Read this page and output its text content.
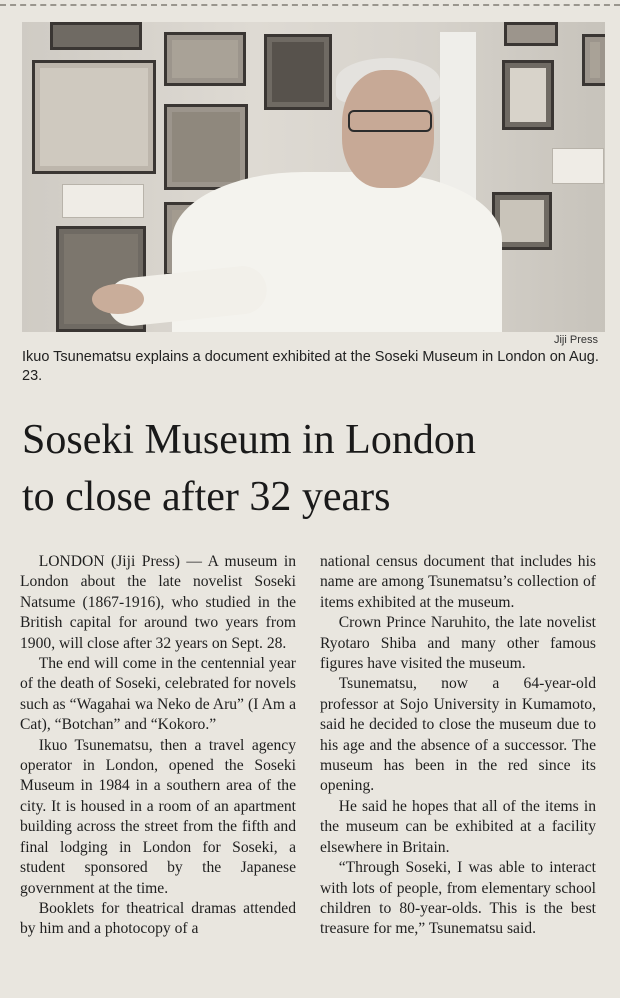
Jiji Press
Ikuo Tsunematsu explains a document exhibited at the Soseki Museum in London on Aug. 23.
Soseki Museum in London
to close after 32 years

LONDON (Jiji Press) — A museum in London about the late novelist Soseki Natsume (1867-1916), who studied in the British capital for around two years from 1900, will close after 32 years on Sept. 28.

The end will come in the centennial year of the death of Soseki, celebrated for novels such as “Wagahai wa Neko de Aru” (I Am a Cat), “Botchan” and “Kokoro.”

Ikuo Tsunematsu, then a travel agency operator in London, opened the Soseki Museum in 1984 in a southern area of the city. It is housed in a room of an apartment building across the street from the fifth and final lodging in London for Soseki, a student sponsored by the Japanese government at the time.

Booklets for theatrical dramas attended by him and a photocopy of a

national census document that includes his name are among Tsunematsu’s collection of items exhibited at the museum.

Crown Prince Naruhito, the late novelist Ryotaro Shiba and many other famous figures have visited the museum.

Tsunematsu, now a 64-year-old professor at Sojo University in Kumamoto, said he decided to close the museum due to his age and the absence of a successor. The museum has been in the red since its opening.

He said he hopes that all of the items in the museum can be exhibited at a facility elsewhere in Britain.

“Through Soseki, I was able to interact with lots of people, from elementary school children to 80-year-olds. This is the best treasure for me,” Tsunematsu said.
